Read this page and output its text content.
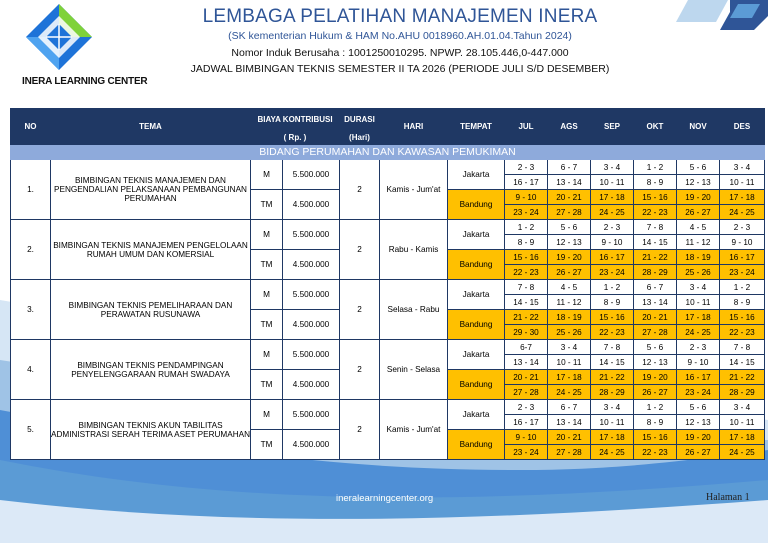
INERA LEARNING CENTER
LEMBAGA PELATIHAN MANAJEMEN INERA
(SK kementerian Hukum & HAM No.AHU 0018960.AH.01.04.Tahun 2024)
Nomor Induk Berusaha : 1001250010295. NPWP. 28.105.446,0-447.000
JADWAL BIMBINGAN TEKNIS SEMESTER II TA 2026 (PERIODE JULI S/D DESEMBER)
NO	TEMA	BIAYA KONTRIBUSI		DURASI	HARI	TEMPAT	JUL	AGS	SEP	OKT	NOV	DES
		( Rp. )		(Hari)								
BIDANG PERUMAHAN DAN KAWASAN PEMUKIMAN												
1.	BIMBINGAN TEKNIS MANAJEMEN DAN PENGENDALIAN PELAKSANAAN PEMBANGUNAN PERUMAHAN	M	5.500.000	2	Kamis - Jum'at	Jakarta	2 - 3	6 - 7	3 - 4	1 - 2	5 - 6	3 - 4
							16 - 17	13 - 14	10 - 11	8 - 9	12 - 13	10 - 11
		TM	4.500.000			Bandung	9 - 10	20 - 21	17 - 18	15 - 16	19 - 20	17 - 18
							23 - 24	27 - 28	24 - 25	22 - 23	26 - 27	24 - 25
2.	BIMBINGAN TEKNIS MANAJEMEN PENGELOLAAN RUMAH UMUM DAN KOMERSIAL	M	5.500.000	2	Rabu - Kamis	Jakarta	1 - 2	5 - 6	2 - 3	7 - 8	4 - 5	2 - 3
							8 - 9	12 - 13	9 - 10	14 - 15	11 - 12	9 - 10
		TM	4.500.000			Bandung	15 - 16	19 - 20	16 - 17	21 - 22	18 - 19	16 - 17
							22 - 23	26 - 27	23 - 24	28 - 29	25 - 26	23 - 24
3.	BIMBINGAN TEKNIS PEMELIHARAAN DAN PERAWATAN RUSUNAWA	M	5.500.000	2	Selasa - Rabu	Jakarta	7 - 8	4 - 5	1 - 2	6 - 7	3 - 4	1 - 2
							14 - 15	11 - 12	8 - 9	13 - 14	10 - 11	8 - 9
		TM	4.500.000			Bandung	21 - 22	18 - 19	15 - 16	20 - 21	17 - 18	15 - 16
							29 - 30	25 - 26	22 - 23	27 - 28	24 - 25	22 - 23
4.	BIMBINGAN TEKNIS PENDAMPINGAN PENYELENGGARAAN RUMAH SWADAYA	M	5.500.000	2	Senin - Selasa	Jakarta	6-7	3 - 4	7 - 8	5 - 6	2 - 3	7 - 8
							13 - 14	10 - 11	14 - 15	12 - 13	9 - 10	14 - 15
		TM	4.500.000			Bandung	20 - 21	17 - 18	21 - 22	19 - 20	16 - 17	21 - 22
							27 - 28	24 - 25	28 - 29	26 - 27	23 - 24	28 - 29
5.	BIMBINGAN TEKNIS AKUN TABILITAS ADMINISTRASI SERAH TERIMA ASET PERUMAHAN	M	5.500.000	2	Kamis - Jum'at	Jakarta	2 - 3	6 - 7	3 - 4	1 - 2	5 - 6	3 - 4
							16 - 17	13 - 14	10 - 11	8 - 9	12 - 13	10 - 11
		TM	4.500.000			Bandung	9 - 10	20 - 21	17 - 18	15 - 16	19 - 20	17 - 18
							23 - 24	27 - 28	24 - 25	22 - 23	26 - 27	24 - 25
ineralearningcenter.org	Halaman 1
